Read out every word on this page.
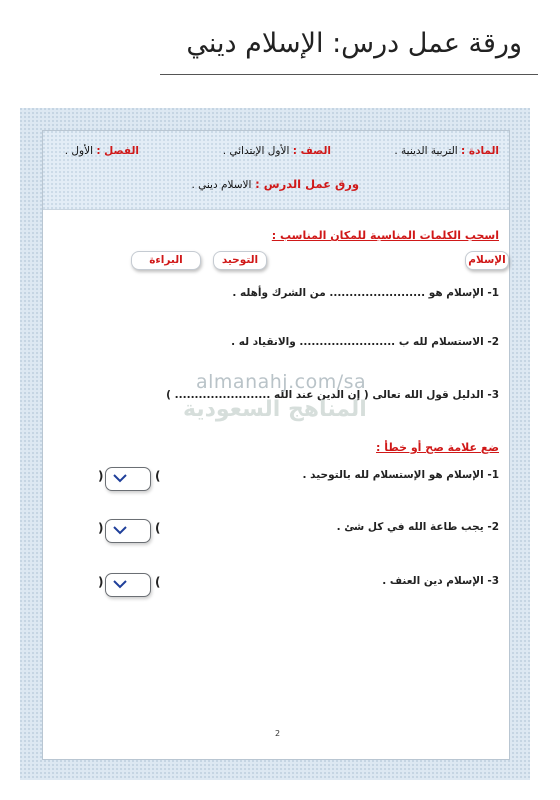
ورقة عمل درس: الإسلام ديني
المادة : التربية الدينية .
الصف : الأول الإبتدائي .
الفصل : الأول .
ورق عمل الدرس : الاسلام ديني .
اسحب الكلمات المناسبة للمكان المناسب :
الإسلام
التوحيد
البراءة
1- الإسلام هو ........................ من الشرك وأهله .
2- الاستسلام لله ب ........................ والانقياد له .
3- الدليل قول الله تعالى ( إن الدين عند الله ........................ )
almanahj.com/sa
المناهج السعودية
ضع علامة صح أو خطأ :
1- الإسلام هو الإستسلام لله بالتوحيد .
(
)
2- يجب طاعة الله في كل شئ .
(
)
3- الإسلام دين العنف .
(
)
2
